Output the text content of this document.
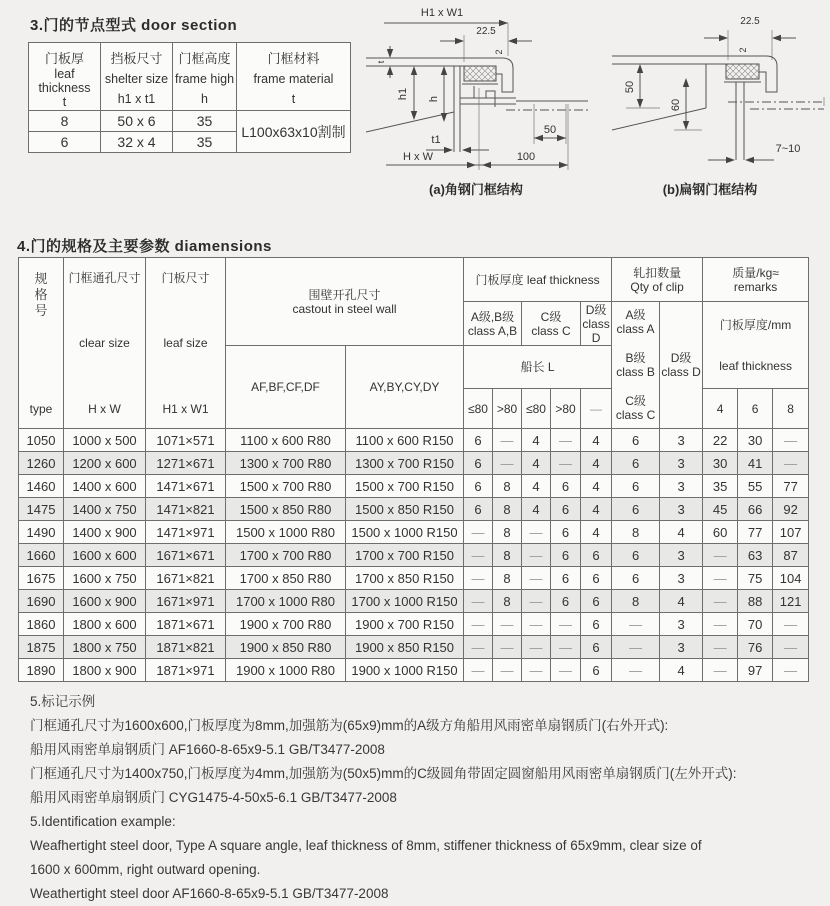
3.门的节点型式 door section
门板厚
leaf thickness
t	挡板尺寸
shelter size
h1 x t1	门框高度
frame high
h	门框材料
frame material
t

8	50 x 6	35	L100x63x10割制
6	32 x 4	35	
H1 x W1
22.5
2
t
h1 h
50
t1
H x W	100
(a)角钢门框结构
22.5
2
50
60
7~10
(b)扁钢门框结构
4.门的规格及主要参数 diamensions
规格号
type	门框通孔尺寸
clear size
H x W	门板尺寸
leaf size
H1 x W1	围壁开孔尺寸
castout in steel wall		门板厚度 leaf thickness					轧扣数量
Qty of clip		质量/kg≈
remarks		

A级,B级
class A,B

C级
class C

D级
class D

A级
class A
B级
class B
C级
class C

D级
class D

门板厚度/mm
leaf thickness

			AF,BF,CF,DF	AY,BY,CY,DY	船长 L									
					≤80	>80	≤80	>80	—			4	6	8
1050	1000 x 500	1071×571	1100 x 600 R80	1100 x 600 R150	6	—	4	—	4	6	3	22	30	—
1260	1200 x 600	1271×671	1300 x 700 R80	1300 x 700 R150	6	—	4	—	4	6	3	30	41	—
1460	1400 x 600	1471×671	1500 x 700 R80	1500 x 700 R150	6	8	4	6	4	6	3	35	55	77
1475	1400 x 750	1471×821	1500 x 850 R80	1500 x 850 R150	6	8	4	6	4	6	3	45	66	92
1490	1400 x 900	1471×971	1500 x 1000 R80	1500 x 1000 R150	—	8	—	6	4	8	4	60	77	107
1660	1600 x 600	1671×671	1700 x 700 R80	1700 x 700 R150	—	8	—	6	6	6	3	—	63	87
1675	1600 x 750	1671×821	1700 x 850 R80	1700 x 850 R150	—	8	—	6	6	6	3	—	75	104
1690	1600 x 900	1671×971	1700 x 1000 R80	1700 x 1000 R150	—	8	—	6	6	8	4	—	88	121
1860	1800 x 600	1871×671	1900 x 700 R80	1900 x 700 R150	—	—	—	—	6	—	3	—	70	—
1875	1800 x 750	1871×821	1900 x 850 R80	1900 x 850 R150	—	—	—	—	6	—	3	—	76	—
1890	1800 x 900	1871×971	1900 x 1000 R80	1900 x 1000 R150	—	—	—	—	6	—	4	—	97	—

5.标记示例

门框通孔尺寸为1600x600,门板厚度为8mm,加强筋为(65x9)mm的A级方角船用风雨密单扇钢质门(右外开式):

船用风雨密单扇钢质门 AF1660-8-65x9-5.1 GB/T3477-2008

门框通孔尺寸为1400x750,门板厚度为4mm,加强筋为(50x5)mm的C级圆角带固定圆窗船用风雨密单扇钢质门(左外开式):

船用风雨密单扇钢质门 CYG1475-4-50x5-6.1 GB/T3477-2008

5.Identification example:

Weafhertight steel door, Type A square angle, leaf thickness of 8mm, stiffener thickness of 65x9mm, clear size of

1600 x 600mm, right outward opening.

Weathertight steel door AF1660-8-65x9-5.1 GB/T3477-2008
